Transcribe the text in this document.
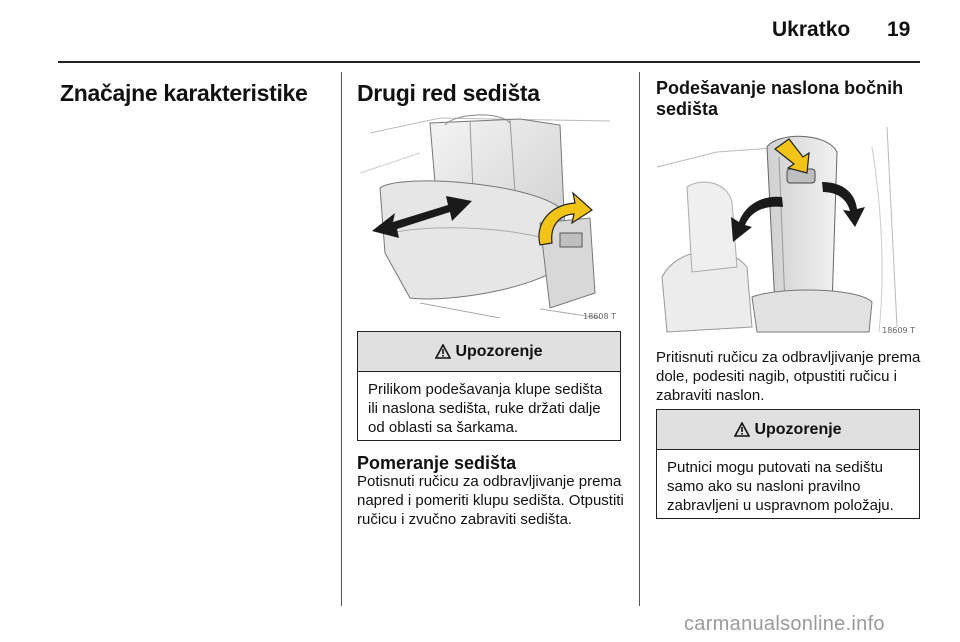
Ukratko 19
Značajne karakteristike Drugi red sedišta
18608 T
Upozorenje
Prilikom podešavanja klupe sedišta ili naslona sedišta, ruke držati dalje od oblasti sa šarkama.
Pomeranje sedišta
Potisnuti ručicu za odbravljivanje prema napred i pomeriti klupu sedišta. Otpustiti ručicu i zvučno zabraviti sedišta.
Podešavanje naslona bočnih sedišta
18609 T
Pritisnuti ručicu za odbravljivanje prema dole, podesiti nagib, otpustiti ručicu i zabraviti naslon.
Upozorenje
Putnici mogu putovati na sedištu samo ako su nasloni pravilno zabravljeni u uspravnom položaju.
carmanualsonline.info
